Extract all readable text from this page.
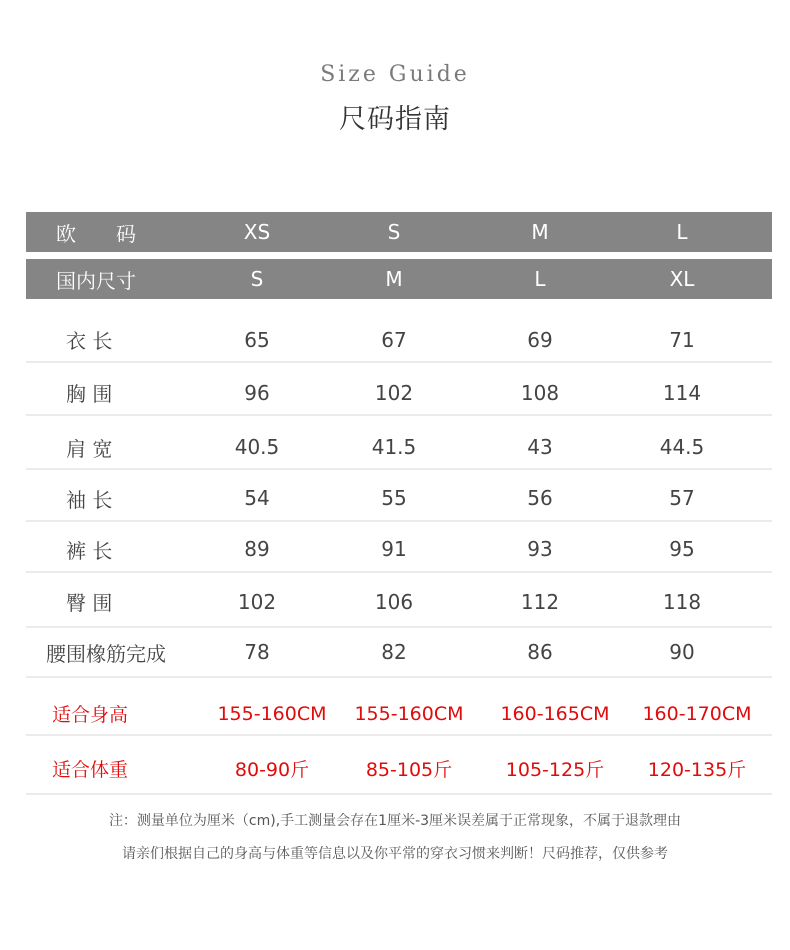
Size Guide
尺码指南
欧　　码	XS	S	M	L
国内尺寸	S	M	L	XL
衣 长	65	67	69	71
胸 围	96	102	108	114
肩 宽	40.5	41.5	43	44.5
袖 长	54	55	56	57
裤 长	89	91	93	95
臀 围	102	106	112	118
腰围橡筋完成	78	82	86	90
适合身高	155-160CM	155-160CM	160-165CM	160-170CM
适合体重	80-90斤	85-105斤	105-125斤	120-135斤
注：测量单位为厘米（cm),手工测量会存在1厘米-3厘米误差属于正常现象，不属于退款理由
请亲们根据自己的身高与体重等信息以及你平常的穿衣习惯来判断！尺码推荐，仅供参考
